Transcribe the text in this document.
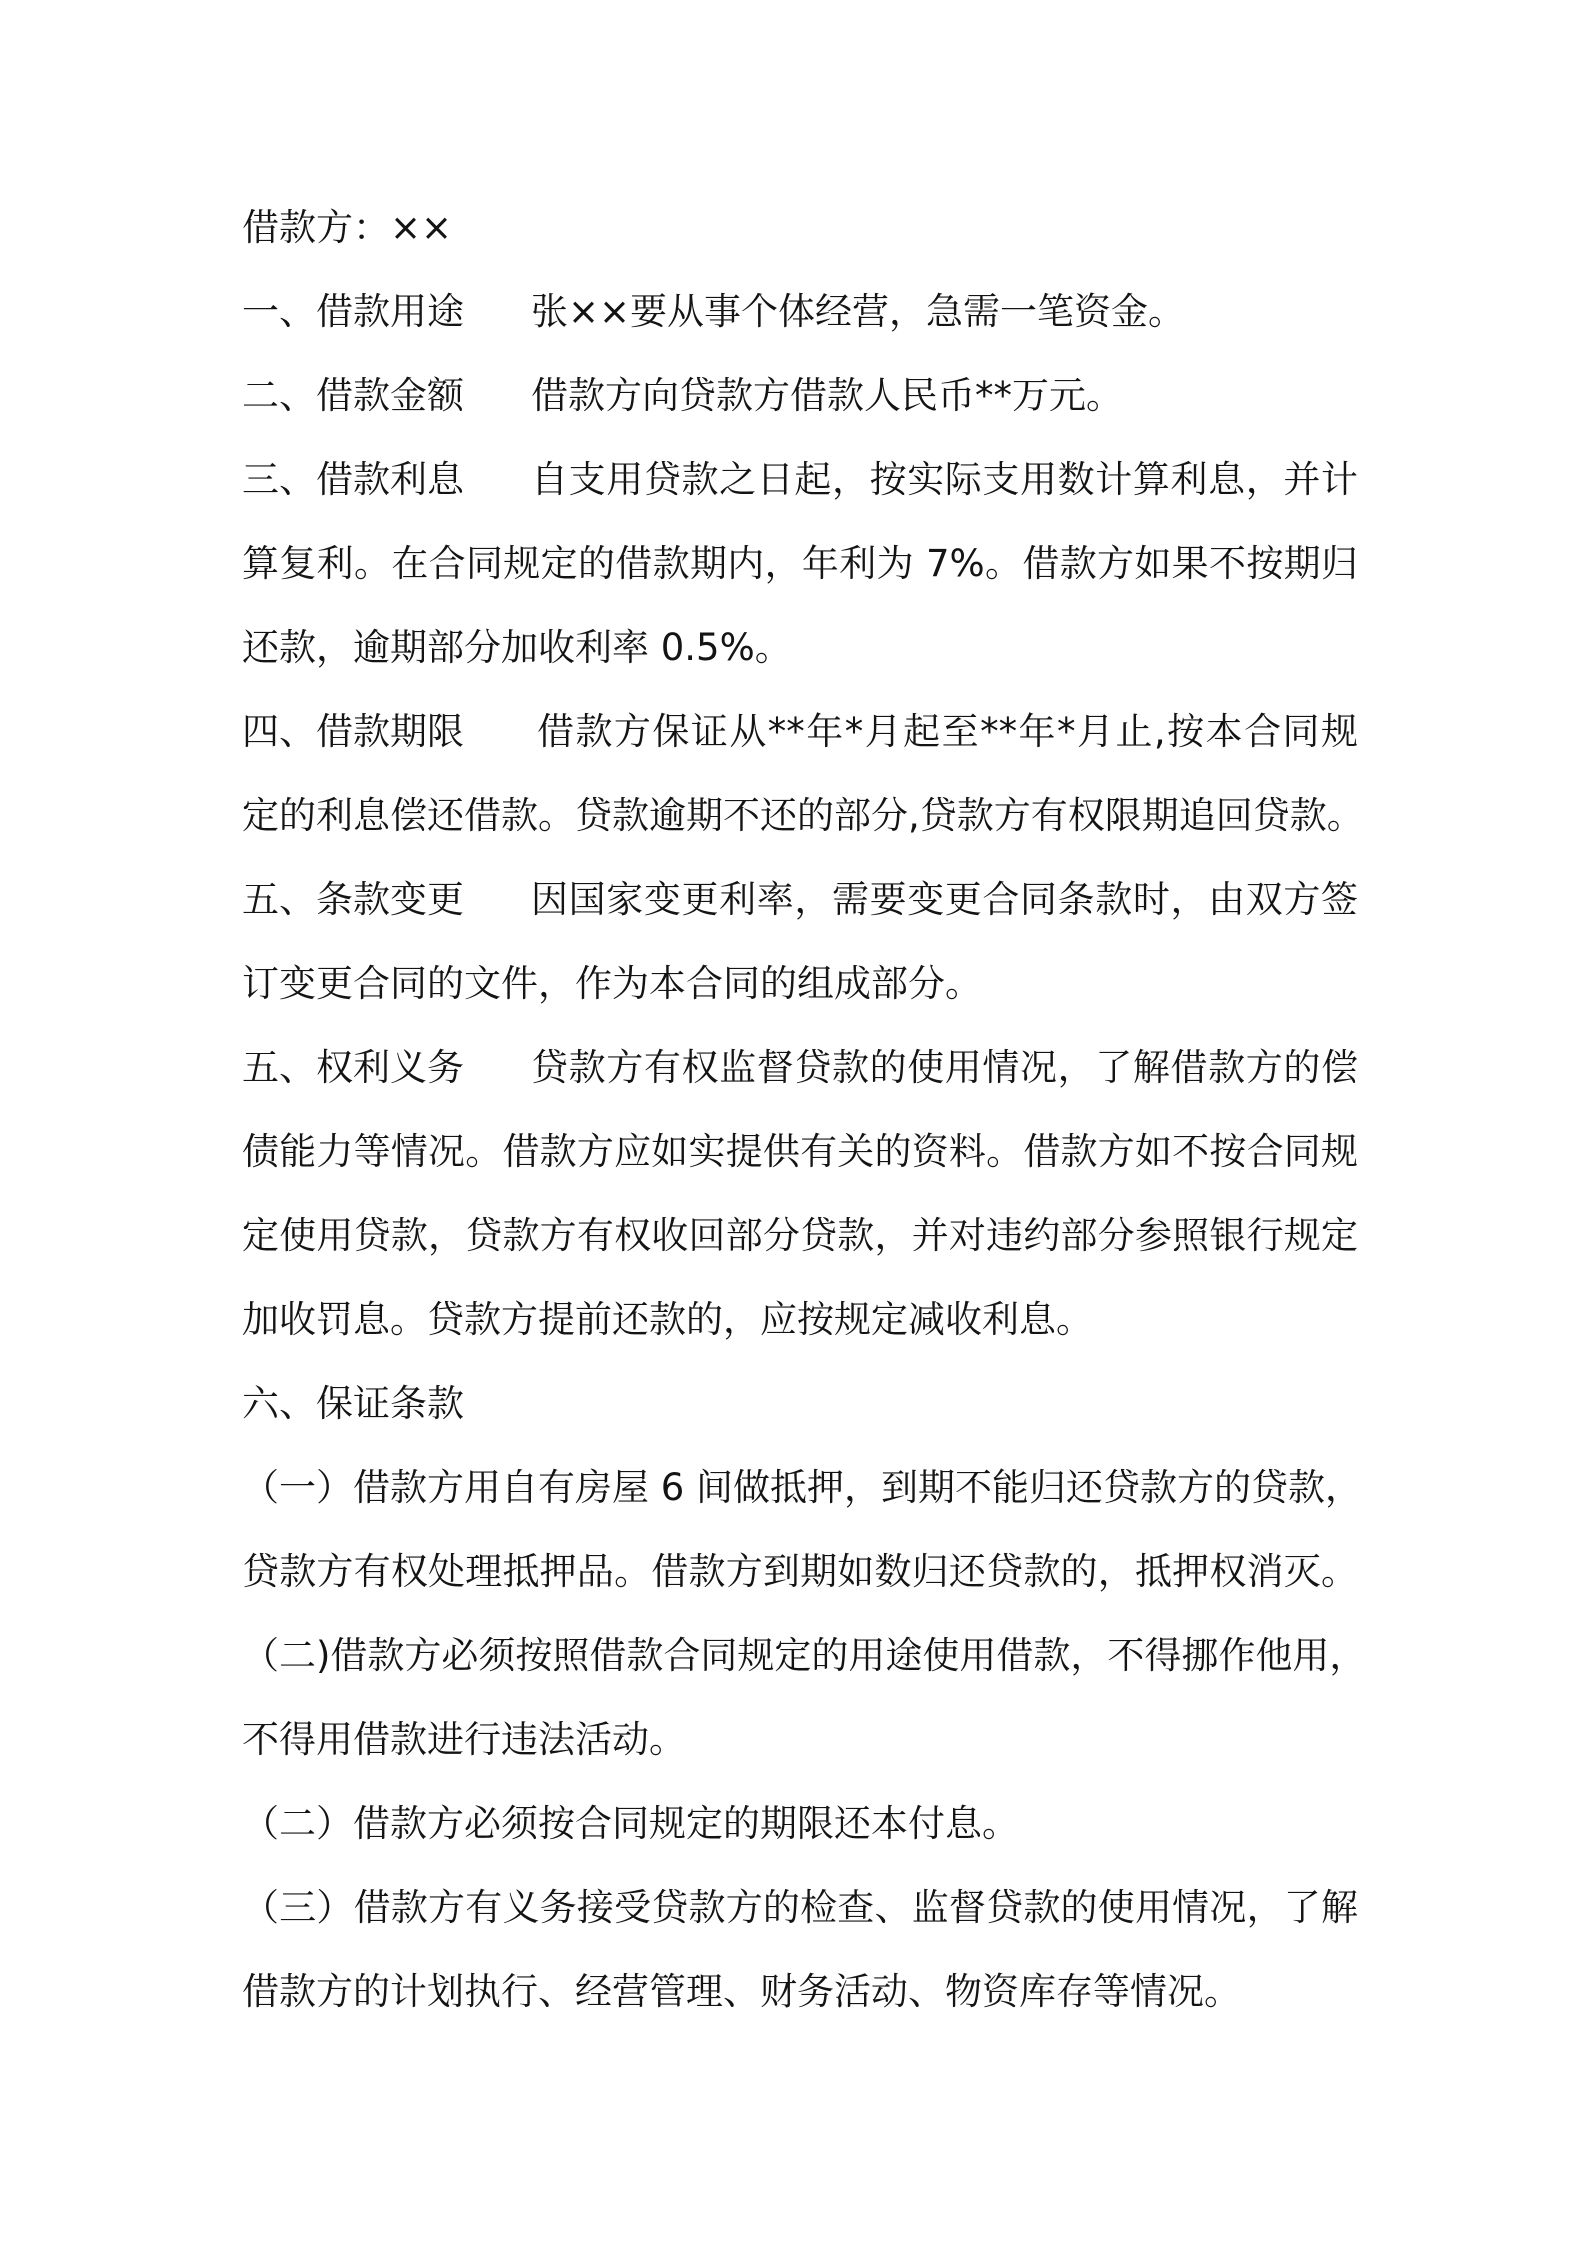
借款方：××
一、借款用途 张××要从事个体经营，急需一笔资金。
二、借款金额 借款方向贷款方借款人民币**万元。
三、借款利息 自支用贷款之日起，按实际支用数计算利息，并计
算复利。在合同规定的借款期内，年利为 7%。借款方如果不按期归
还款，逾期部分加收利率 0.5%。
四、借款期限 借款方保证从**年*月起至**年*月止,按本合同规
定的利息偿还借款。贷款逾期不还的部分,贷款方有权限期追回贷款。
五、条款变更 因国家变更利率，需要变更合同条款时，由双方签
订变更合同的文件，作为本合同的组成部分。
五、权利义务 贷款方有权监督贷款的使用情况，了解借款方的偿
债能力等情况。借款方应如实提供有关的资料。借款方如不按合同规
定使用贷款，贷款方有权收回部分贷款，并对违约部分参照银行规定
加收罚息。贷款方提前还款的，应按规定减收利息。
六、保证条款
（一）借款方用自有房屋 6 间做抵押，到期不能归还贷款方的贷款，
贷款方有权处理抵押品。借款方到期如数归还贷款的，抵押权消灭。
（二)借款方必须按照借款合同规定的用途使用借款，不得挪作他用，
不得用借款进行违法活动。
（二）借款方必须按合同规定的期限还本付息。
（三）借款方有义务接受贷款方的检查、监督贷款的使用情况，了解
借款方的计划执行、经营管理、财务活动、物资库存等情况。
